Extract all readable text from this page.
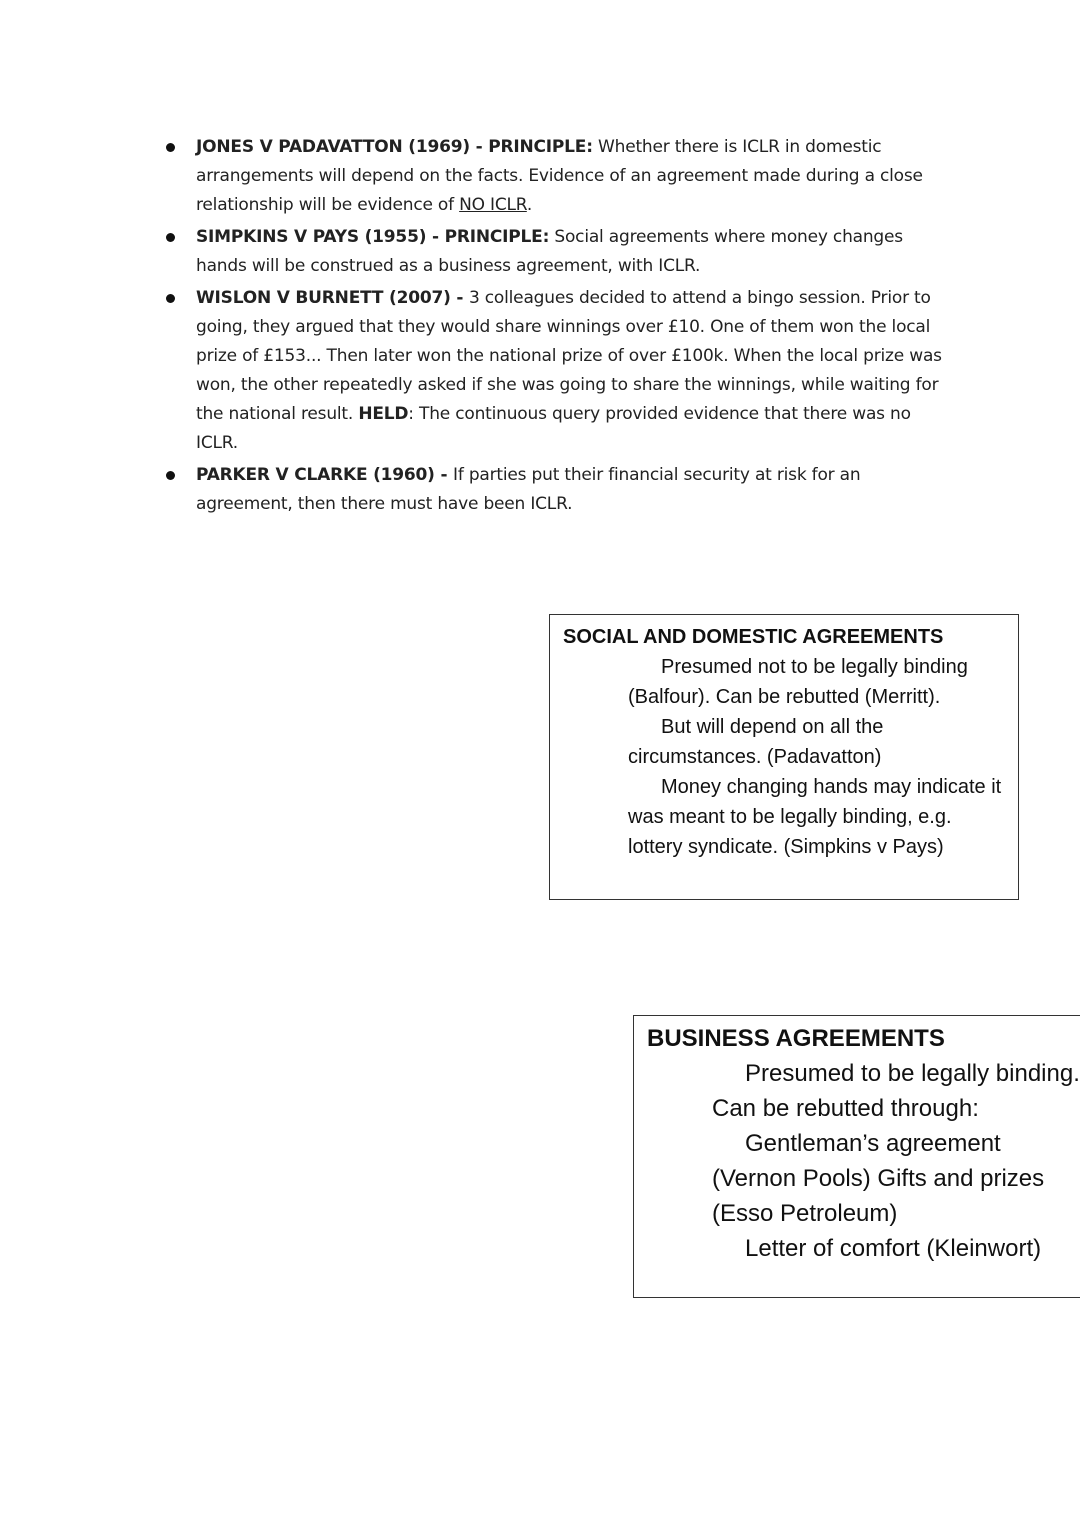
JONES V PADAVATTON (1969) - PRINCIPLE: Whether there is ICLR in domestic arrangements will depend on the facts. Evidence of an agreement made during a close relationship will be evidence of NO ICLR.
SIMPKINS V PAYS (1955) - PRINCIPLE: Social agreements where money changes hands will be construed as a business agreement, with ICLR.
WISLON V BURNETT (2007) - 3 colleagues decided to attend a bingo session. Prior to going, they argued that they would share winnings over £10. One of them won the local prize of £153... Then later won the national prize of over £100k. When the local prize was won, the other repeatedly asked if she was going to share the winnings, while waiting for the national result. HELD: The continuous query provided evidence that there was no ICLR.
PARKER V CLARKE (1960) - If parties put their financial security at risk for an agreement, then there must have been ICLR.
SOCIAL AND DOMESTIC AGREEMENTS
Presumed not to be legally binding (Balfour). Can be rebutted (Merritt).
But will depend on all the circumstances. (Padavatton)
Money changing hands may indicate it was meant to be legally binding, e.g. lottery syndicate. (Simpkins v Pays)
BUSINESS AGREEMENTS
Presumed to be legally binding. Can be rebutted through:
Gentleman’s agreement (Vernon Pools) Gifts and prizes (Esso Petroleum)
Letter of comfort (Kleinwort)
